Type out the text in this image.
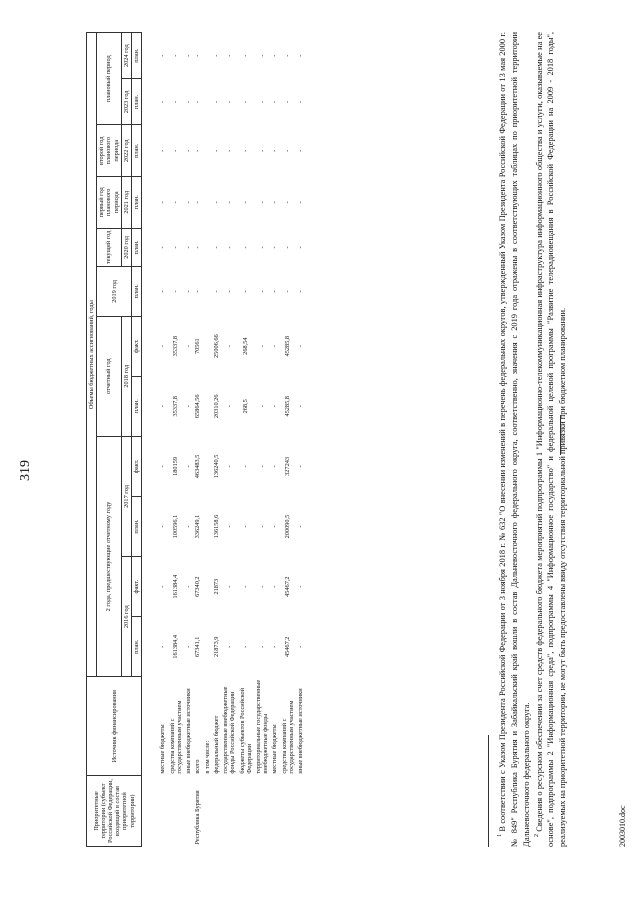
319
Приоритетные территории (субъект Российской Федерации, входящий в состав приоритетной территории)	Источник финансирования	Объемы бюджетных ассигнований, годы											
		2 года, предшествующие отчетному году				отчетный год		2019 год	текущий год	первый год планового периода	второй год планового периода	плановый период	
		2016 год		2017 год		2018 год			2020 год	2021 год	2022 год	2023 год	2024 год
		план.	факт.	план.	факт.	план.	факт.	план.	план.	план.	план.	план.	план.

	местные бюджеты	-	-	-	-	-	-	-	-	-	-	-	-
	средства компаний с государственным участием	161384,4	161384,4	100596,1	180159	35337,8	35337,8	-	-	-	-	-	-
	иные внебюджетные источники	-	-	-	-	-	-	-	-	-	-	-	-
Республика Бурятия	всего	67341,1	67340,2	336249,1	463483,5	65864,56	70561	-	-	-	-	-	-
	в том числе:												
	федеральный бюджет	21873,9	21873	136158,6	136240,5	20310,26	25006,66	-	-	-	-	-	-
	государственные внебюджетные фонды Российской Федерации	-	-	-	-	-	-	-	-	-	-	-	-
	бюджеты субъектов Российской Федерации	-	-	-	-	268,5	268,54	-	-	-	-	-	-
	территориальные государственные внебюджетные фонды	-	-	-	-	-	-	-	-	-	-	-	-
	местные бюджеты	-	-	-	-	-	-	-	-	-	-	-	-
	средства компаний с государственным участием	45467,2	45467,2	200090,5	327243	45285,8	45285,8	-	-	-	-	-	-
	иные внебюджетные источники	-	-	-	-	-	-	-	-	-	-	-	-

$^1$ В соответствии с Указом Президента Российской Федерации от 3 ноября 2018 г. № 632 "О внесении изменений в перечень федеральных округов, утвержденный Указом Президента Российской Федерации от 13 мая 2000 г. № 849" Республика Бурятия и Забайкальский край вошли в состав Дальневосточного федерального округа, соответственно, значения с 2019 года отражены в соответствующих таблицах по приоритетной территории Дальневосточного федерального округа. $^2$ Сведения о ресурсном обеспечении за счет средств федерального бюджета мероприятий подпрограммы 1 "Информационно-телекоммуникационная инфраструктура информационного общества и услуги, оказываемые на ее основе", подпрограммы 2 "Информационная среда", подпрограммы 4 "Информационное государство" и федеральной целевой программы "Развитие телерадиовещания в Российской Федерации на 2009 - 2018 годы", реализуемых на приоритетной территории, не могут быть предоставлены ввиду отсутствия территориальной привязки при бюджетном планировании.	2003010.doc
